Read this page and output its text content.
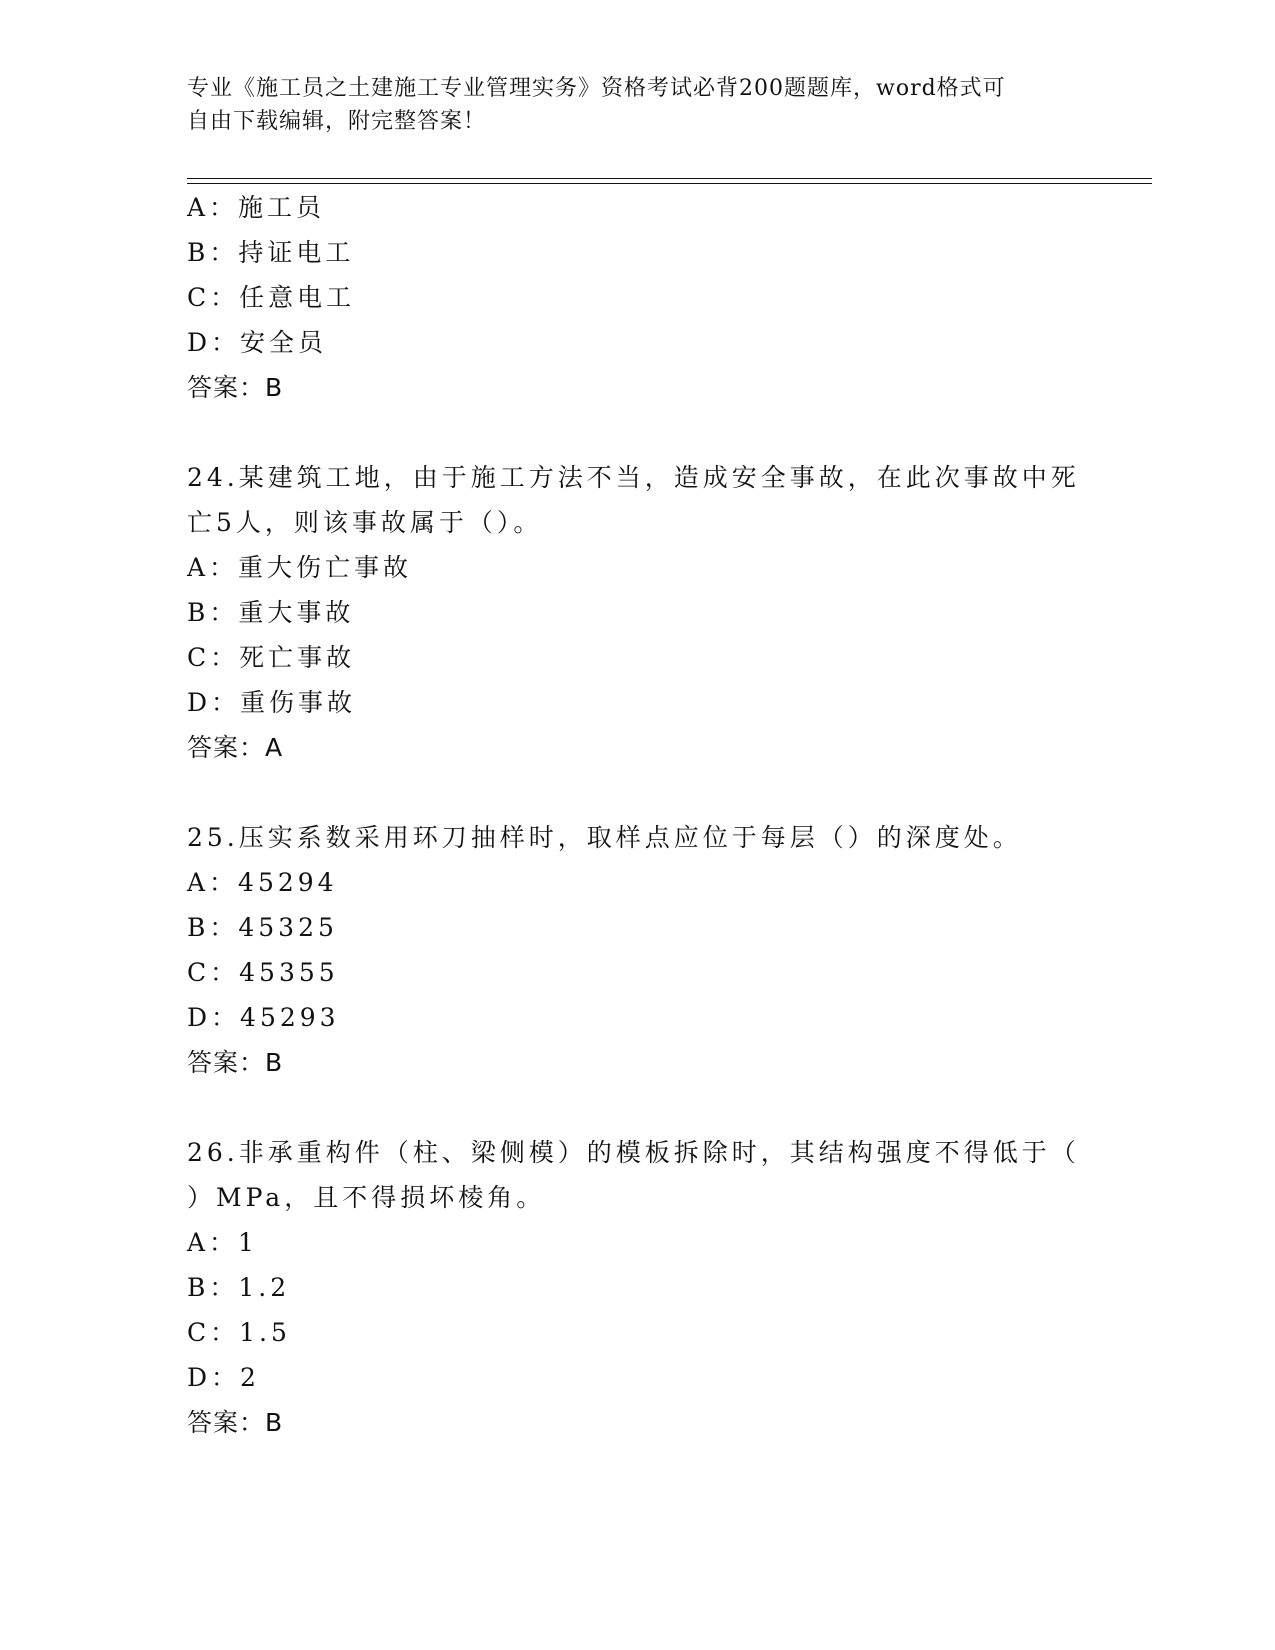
专业《施工员之土建施工专业管理实务》资格考试必背200题题库，word格式可
自由下载编辑，附完整答案！
A：施工员
B：持证电工
C：任意电工
D：安全员
答案：B
24.某建筑工地，由于施工方法不当，造成安全事故，在此次事故中死
亡5人，则该事故属于（）。
A：重大伤亡事故
B：重大事故
C：死亡事故
D：重伤事故
答案：A
25.压实系数采用环刀抽样时，取样点应位于每层（）的深度处。
A：45294
B：45325
C：45355
D：45293
答案：B
26.非承重构件（柱、梁侧模）的模板拆除时，其结构强度不得低于（
）MPa，且不得损坏棱角。
A：1
B：1.2
C：1.5
D：2
答案：B
